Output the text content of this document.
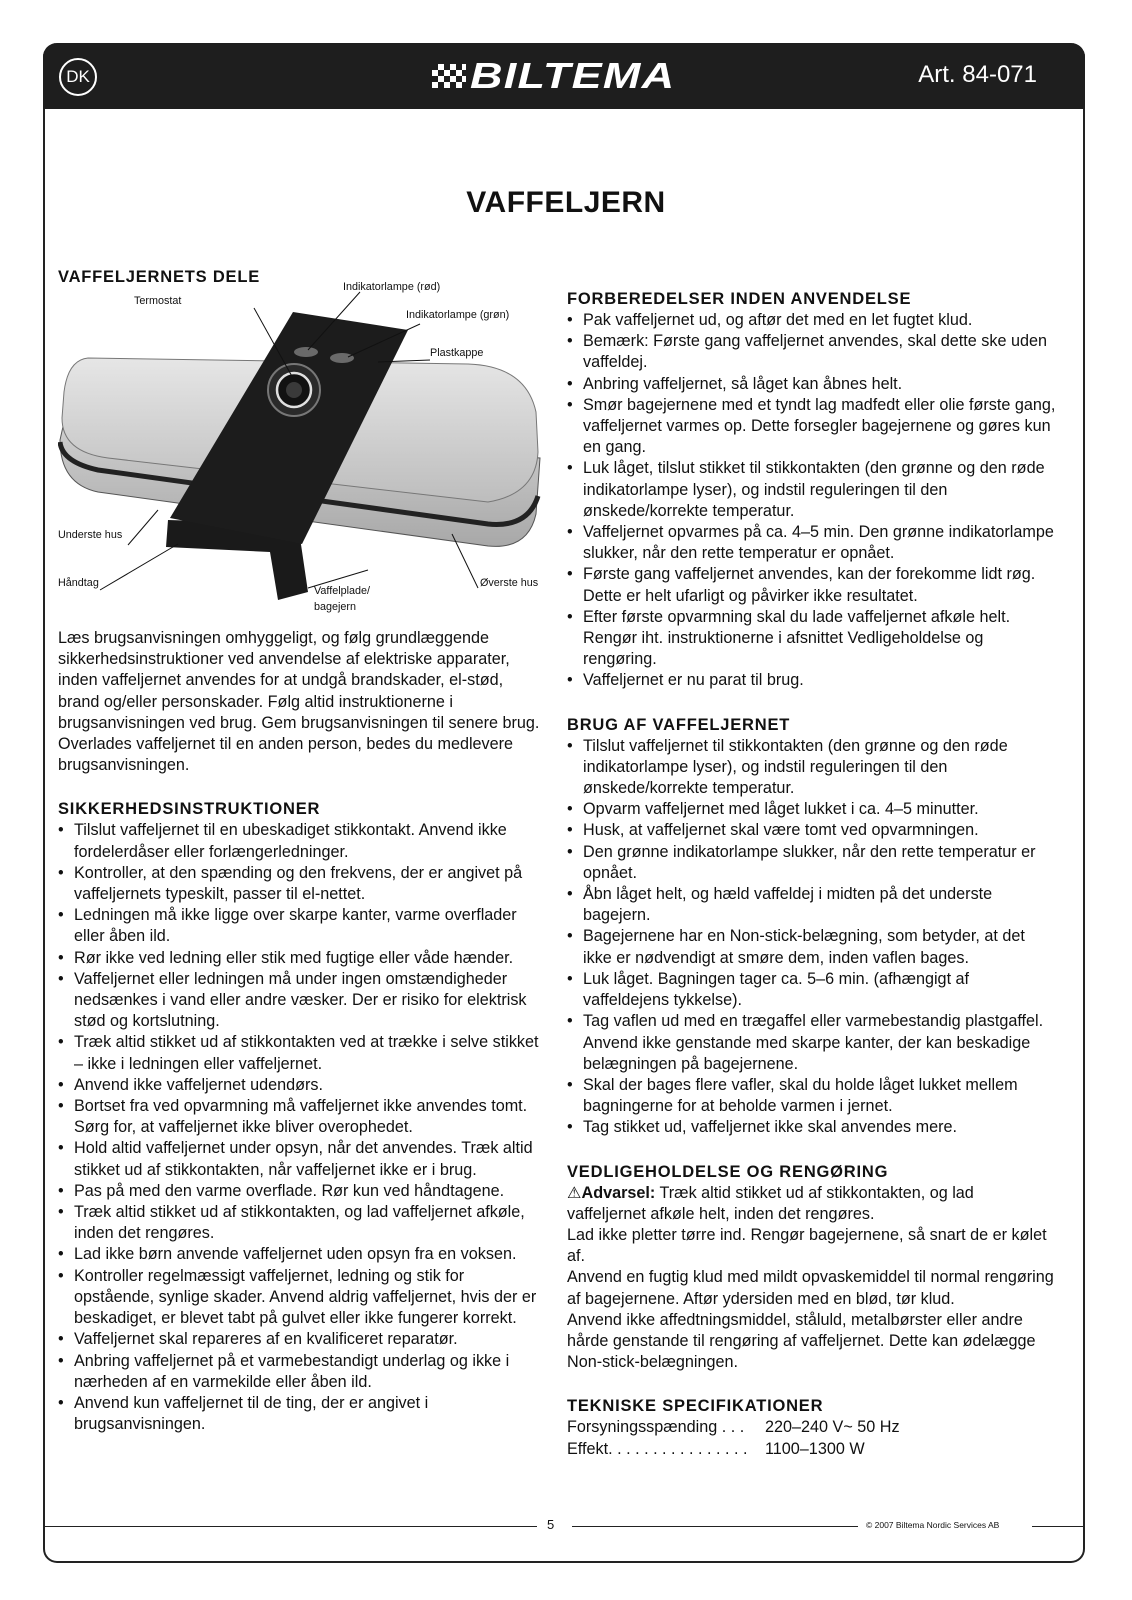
DK	BILTEMA	Art. 84-071
VAFFELJERN
VAFFELJERNETS DELE
Indikatorlampe (rød)
Termostat
Indikatorlampe (grøn)
Plastkappe
Underste hus
Håndtag
Vaffelplade/
bagejern
Øverste hus

Læs brugsanvisningen omhyggeligt, og følg grundlæggende sikkerhedsinstruktioner ved anvendelse af elektriske apparater, inden vaffeljernet anvendes for at undgå brandskader, el-stød, brand og/eller personskader. Følg altid instruktionerne i brugsanvisningen ved brug. Gem brugsanvisningen til senere brug. Overlades vaffeljernet til en anden person, bedes du medlevere brugsanvisningen.

SIKKERHEDSINSTRUKTIONER
• Tilslut vaffeljernet til en ubeskadiget stikkontakt. Anvend ikke fordelerdåser eller forlængerledninger.
• Kontroller, at den spænding og den frekvens, der er angivet på vaffeljernets typeskilt, passer til el-nettet.
• Ledningen må ikke ligge over skarpe kanter, varme overflader eller åben ild.
• Rør ikke ved ledning eller stik med fugtige eller våde hænder.
• Vaffeljernet eller ledningen må under ingen omstændigheder nedsænkes i vand eller andre væsker. Der er risiko for elektrisk stød og kortslutning.
• Træk altid stikket ud af stikkontakten ved at trække i selve stikket – ikke i ledningen eller vaffeljernet.
• Anvend ikke vaffeljernet udendørs.
• Bortset fra ved opvarmning må vaffeljernet ikke anvendes tomt. Sørg for, at vaffeljernet ikke bliver overophedet.
• Hold altid vaffeljernet under opsyn, når det anvendes. Træk altid stikket ud af stikkontakten, når vaffeljernet ikke er i brug.
• Pas på med den varme overflade. Rør kun ved håndtagene.
• Træk altid stikket ud af stikkontakten, og lad vaffeljernet afkøle, inden det rengøres.
• Lad ikke børn anvende vaffeljernet uden opsyn fra en voksen.
• Kontroller regelmæssigt vaffeljernet, ledning og stik for opstående, synlige skader. Anvend aldrig vaffeljernet, hvis der er beskadiget, er blevet tabt på gulvet eller ikke fungerer korrekt.
• Vaffeljernet skal repareres af en kvalificeret reparatør.
• Anbring vaffeljernet på et varmebestandigt underlag og ikke i nærheden af en varmekilde eller åben ild.
• Anvend kun vaffeljernet til de ting, der er angivet i brugsanvisningen.
FORBEREDELSER INDEN ANVENDELSE
• Pak vaffeljernet ud, og aftør det med en let fugtet klud.
• Bemærk: Første gang vaffeljernet anvendes, skal dette ske uden vaffeldej.
• Anbring vaffeljernet, så låget kan åbnes helt.
• Smør bagejernene med et tyndt lag madfedt eller olie første gang, vaffeljernet varmes op. Dette forsegler bagejernene og gøres kun en gang.
• Luk låget, tilslut stikket til stikkontakten (den grønne og den røde indikatorlampe lyser), og indstil reguleringen til den ønskede/korrekte temperatur.
• Vaffeljernet opvarmes på ca. 4–5 min. Den grønne indikatorlampe slukker, når den rette temperatur er opnået.
• Første gang vaffeljernet anvendes, kan der forekomme lidt røg. Dette er helt ufarligt og påvirker ikke resultatet.
• Efter første opvarmning skal du lade vaffeljernet afkøle helt. Rengør iht. instruktionerne i afsnittet Vedligeholdelse og rengøring.
• Vaffeljernet er nu parat til brug.
BRUG AF VAFFELJERNET
• Tilslut vaffeljernet til stikkontakten (den grønne og den røde indikatorlampe lyser), og indstil reguleringen til den ønskede/korrekte temperatur.
• Opvarm vaffeljernet med låget lukket i ca. 4–5 minutter.
• Husk, at vaffeljernet skal være tomt ved opvarmningen.
• Den grønne indikatorlampe slukker, når den rette temperatur er opnået.
• Åbn låget helt, og hæld vaffeldej i midten på det underste bagejern.
• Bagejernene har en Non-stick-belægning, som betyder, at det ikke er nødvendigt at smøre dem, inden vaflen bages.
• Luk låget. Bagningen tager ca. 5–6 min. (afhængigt af vaffeldejens tykkelse).
• Tag vaflen ud med en trægaffel eller varmebestandig plastgaffel. Anvend ikke genstande med skarpe kanter, der kan beskadige belægningen på bagejernene.
• Skal der bages flere vafler, skal du holde låget lukket mellem bagningerne for at beholde varmen i jernet.
• Tag stikket ud, vaffeljernet ikke skal anvendes mere.
VEDLIGEHOLDELSE OG RENGØRING

⚠Advarsel: Træk altid stikket ud af stikkontakten, og lad vaffeljernet afkøle helt, inden det rengøres.

Lad ikke pletter tørre ind. Rengør bagejernene, så snart de er kølet af.

Anvend en fugtig klud med mildt opvaskemiddel til normal rengøring af bagejernene. Aftør ydersiden med en blød, tør klud.

Anvend ikke affedtningsmiddel, ståluld, metalbørster eller andre hårde genstande til rengøring af vaffeljernet. Dette kan ødelægge Non-stick-belægningen.

TEKNISKE SPECIFIKATIONER
Forsyningsspænding . . .	220–240 V~ 50 Hz
Effekt. . . . . . . . . . . . . . . .	1100–1300 W
5	© 2007 Biltema Nordic Services AB
